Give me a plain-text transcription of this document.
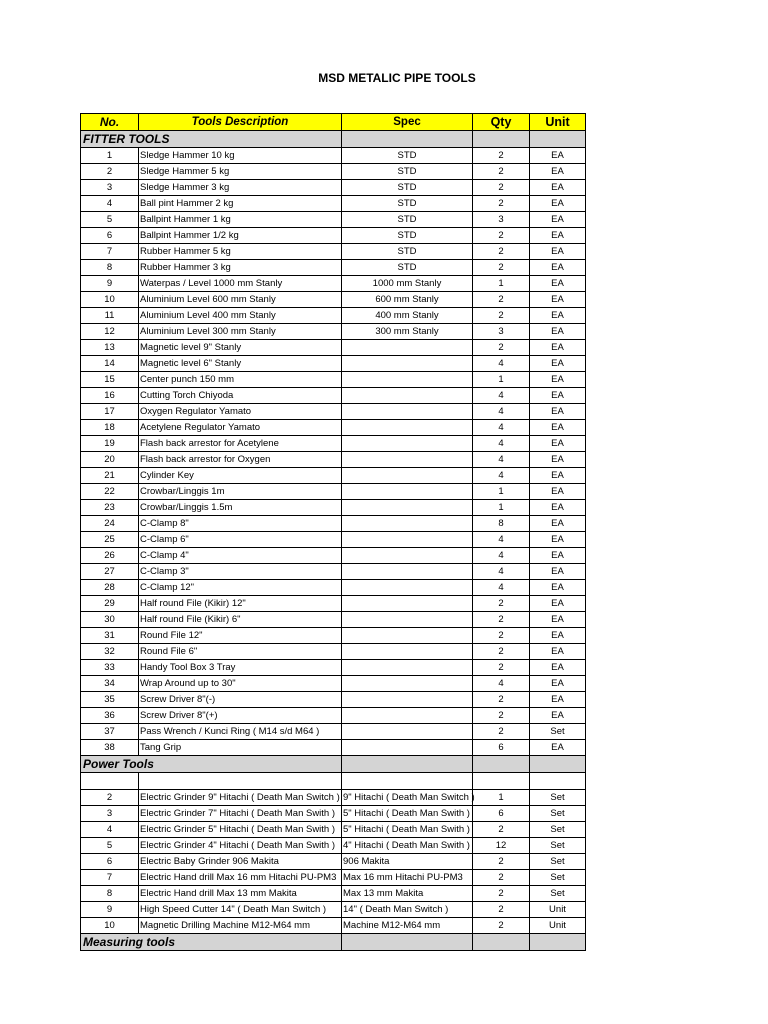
MSD METALIC PIPE TOOLS
No.	Tools Description	Spec	Qty	Unit
FITTER TOOLS				
1	Sledge Hammer 10 kg	STD	2	EA
2	Sledge Hammer 5 kg	STD	2	EA
3	Sledge Hammer 3 kg	STD	2	EA
4	Ball pint Hammer 2 kg	STD	2	EA
5	Ballpint Hammer 1 kg	STD	3	EA
6	Ballpint Hammer 1/2 kg	STD	2	EA
7	Rubber Hammer 5 kg	STD	2	EA
8	Rubber Hammer 3 kg	STD	2	EA
9	Waterpas / Level 1000 mm Stanly	1000 mm Stanly	1	EA
10	Aluminium Level 600 mm Stanly	600 mm Stanly	2	EA
11	Aluminium Level 400 mm Stanly	400 mm Stanly	2	EA
12	Aluminium Level 300 mm Stanly	300 mm Stanly	3	EA
13	Magnetic level 9" Stanly		2	EA
14	Magnetic level 6" Stanly		4	EA
15	Center punch 150 mm		1	EA
16	Cutting Torch Chiyoda		4	EA
17	Oxygen Regulator Yamato		4	EA
18	Acetylene Regulator Yamato		4	EA
19	Flash back arrestor for Acetylene		4	EA
20	Flash back arrestor for Oxygen		4	EA
21	Cylinder Key		4	EA
22	Crowbar/Linggis 1m		1	EA
23	Crowbar/Linggis 1.5m		1	EA
24	C-Clamp 8"		8	EA
25	C-Clamp 6"		4	EA
26	C-Clamp 4"		4	EA
27	C-Clamp 3"		4	EA
28	C-Clamp 12"		4	EA
29	Half round File (Kikir) 12"		2	EA
30	Half round File (Kikir) 6"		2	EA
31	Round File 12"		2	EA
32	Round File 6"		2	EA
33	Handy Tool Box 3 Tray		2	EA
34	Wrap Around up to 30"		4	EA
35	Screw Driver 8"(-)		2	EA
36	Screw Driver 8"(+)		2	EA
37	Pass Wrench / Kunci Ring ( M14 s/d M64 )		2	Set
38	Tang Grip		6	EA
Power Tools				

2	Electric Grinder 9" Hitachi ( Death Man Switch )	9" Hitachi ( Death Man Switch )	1	Set
3	Electric Grinder 7" Hitachi ( Death Man Swith )	5" Hitachi ( Death Man Swith )	6	Set
4	Electric Grinder 5" Hitachi ( Death Man Swith )	5" Hitachi ( Death Man Swith )	2	Set
5	Electric Grinder 4" Hitachi ( Death Man Swith )	4" Hitachi ( Death Man Swith )	12	Set
6	Electric Baby Grinder 906 Makita	906 Makita	2	Set
7	Electric Hand drill Max 16 mm Hitachi PU-PM3	Max 16 mm Hitachi PU-PM3	2	Set
8	Electric Hand drill Max 13 mm Makita	Max 13 mm Makita	2	Set
9	High Speed Cutter 14" ( Death Man Switch )	14" ( Death Man Switch )	2	Unit
10	Magnetic Drilling Machine M12-M64 mm	Machine M12-M64 mm	2	Unit
Measuring tools				
